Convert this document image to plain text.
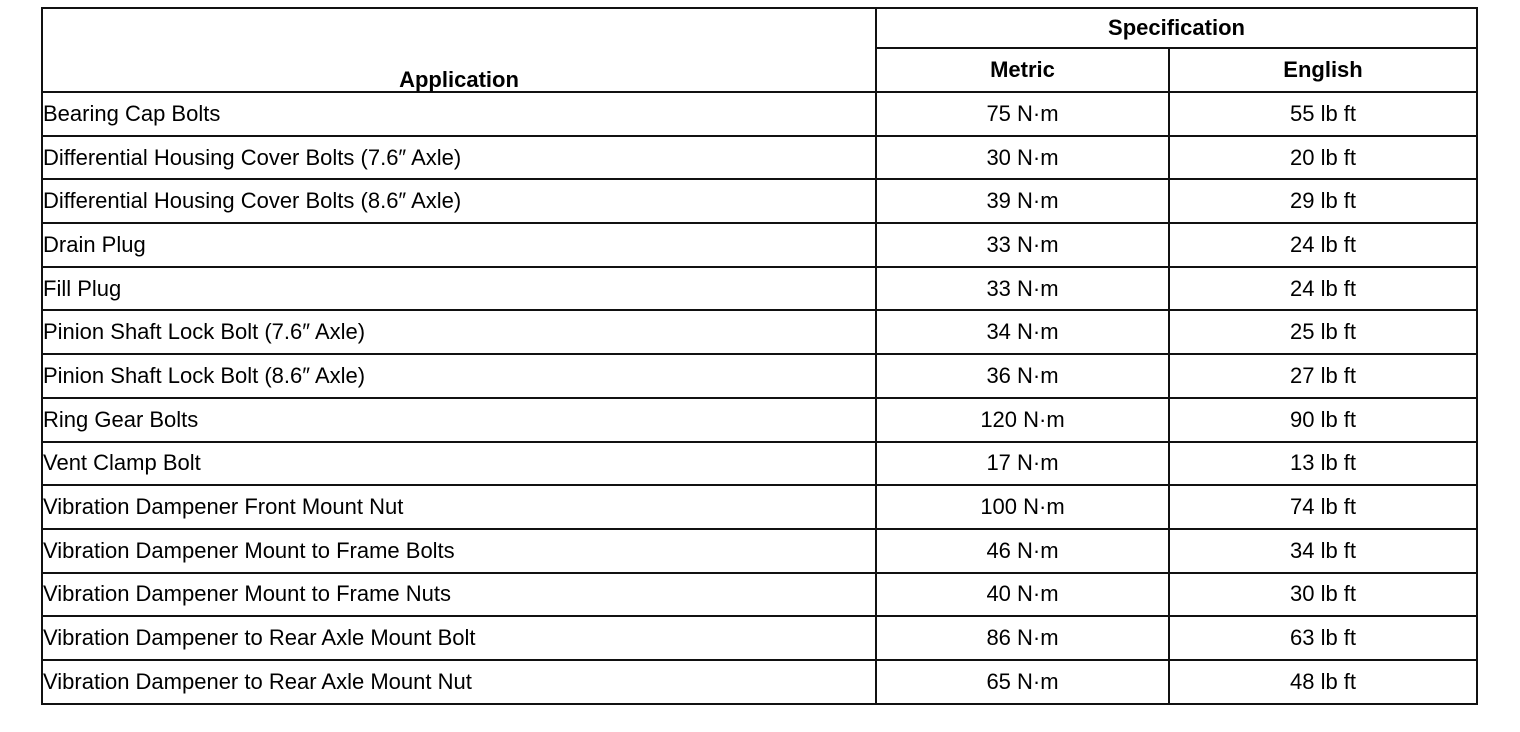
Application	Specification	
	Metric	English
Bearing Cap Bolts	75 N·m	55 lb ft
Differential Housing Cover Bolts (7.6″ Axle)	30 N·m	20 lb ft
Differential Housing Cover Bolts (8.6″ Axle)	39 N·m	29 lb ft
Drain Plug	33 N·m	24 lb ft
Fill Plug	33 N·m	24 lb ft
Pinion Shaft Lock Bolt (7.6″ Axle)	34 N·m	25 lb ft
Pinion Shaft Lock Bolt (8.6″ Axle)	36 N·m	27 lb ft
Ring Gear Bolts	120 N·m	90 lb ft
Vent Clamp Bolt	17 N·m	13 lb ft
Vibration Dampener Front Mount Nut	100 N·m	74 lb ft
Vibration Dampener Mount to Frame Bolts	46 N·m	34 lb ft
Vibration Dampener Mount to Frame Nuts	40 N·m	30 lb ft
Vibration Dampener to Rear Axle Mount Bolt	86 N·m	63 lb ft
Vibration Dampener to Rear Axle Mount Nut	65 N·m	48 lb ft
